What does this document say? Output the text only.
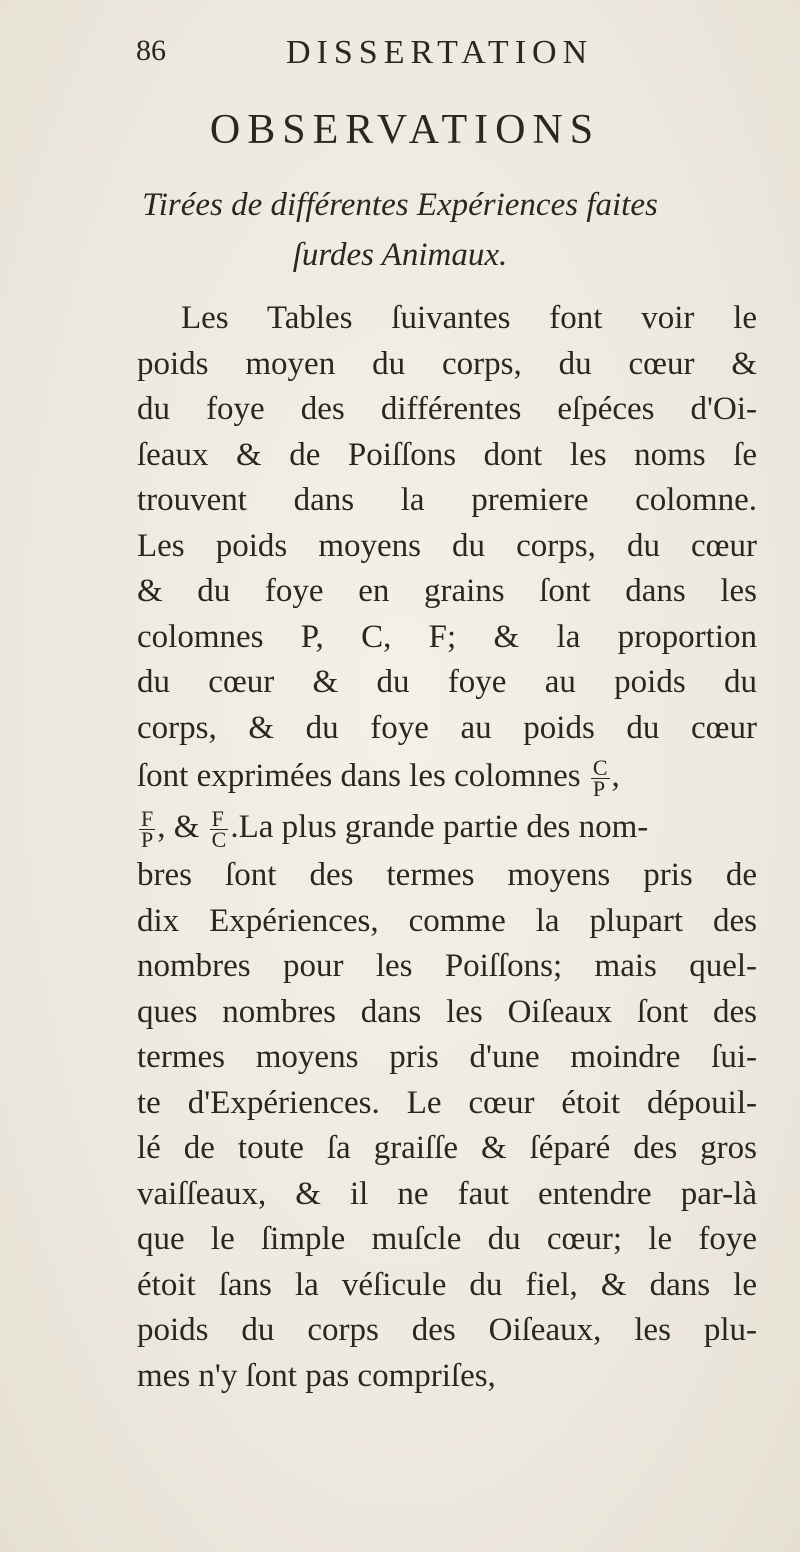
86	DISSERTATION
OBSERVATIONS
Tirées de différentes Expériences faites
ſurdes Animaux.
Les Tables ſuivantes font voir le
poids moyen du corps, du cœur &
du foye des différentes eſpéces d'Oi-
ſeaux & de Poiſſons dont les noms ſe
trouvent dans la premiere colomne.
Les poids moyens du corps, du cœur
& du foye en grains ſont dans les
colomnes P, C, F; & la proportion
du cœur & du foye au poids du
corps, & du foye au poids du cœur
ſont exprimées dans les colomnes $\frac{C}{P}$ ,
$\frac{F}{P}$ , & $\frac{F}{C} .La$ plus grande partie des nom-
bres ſont des termes moyens pris de
dix Expériences, comme la plupart des
nombres pour les Poiſſons; mais quel-
ques nombres dans les Oiſeaux ſont des
termes moyens pris d'une moindre ſui-
te d'Expériences. Le cœur étoit dépouil-
lé de toute ſa graiſſe & ſéparé des gros
vaiſſeaux, & il ne faut entendre par-là
que le ſimple muſcle du cœur; le foye
étoit ſans la véſicule du fiel, & dans le
poids du corps des Oiſeaux, les plu-
mes n'y ſont pas compriſes,
